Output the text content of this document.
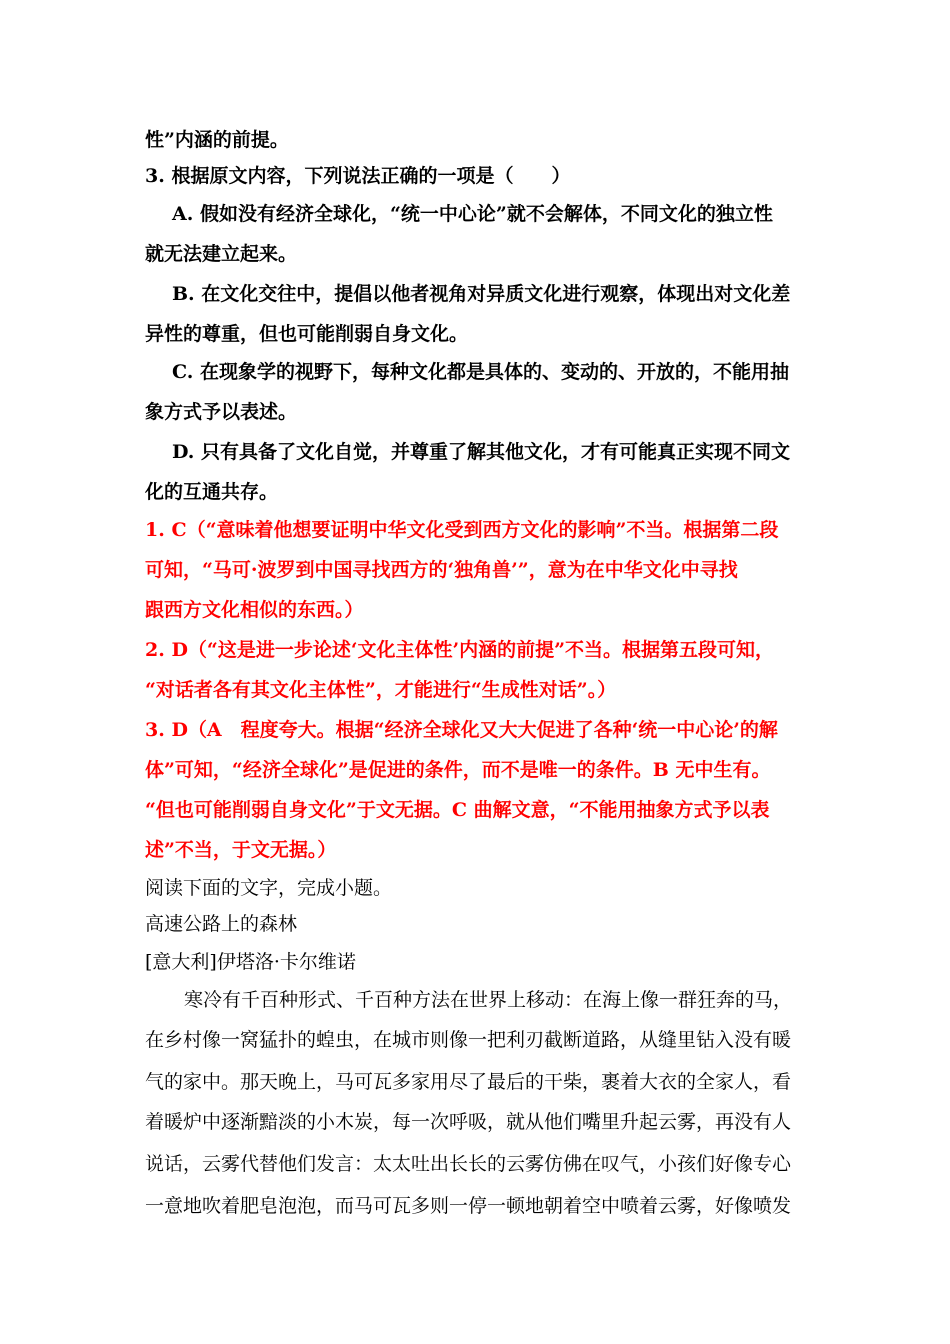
性”内涵的前提。
3. 根据原文内容，下列说法正确的一项是（　　）
A. 假如没有经济全球化，“统一中心论”就不会解体，不同文化的独立性
就无法建立起来。
B. 在文化交往中，提倡以他者视角对异质文化进行观察，体现出对文化差
异性的尊重，但也可能削弱自身文化。
C. 在现象学的视野下，每种文化都是具体的、变动的、开放的，不能用抽
象方式予以表述。
D. 只有具备了文化自觉，并尊重了解其他文化，才有可能真正实现不同文
化的互通共存。
1. C（“意味着他想要证明中华文化受到西方文化的影响”不当。根据第二段
可知，“马可·波罗到中国寻找西方的‘独角兽’”，意为在中华文化中寻找
跟西方文化相似的东西。）
2. D（“这是进一步论述‘文化主体性’内涵的前提”不当。根据第五段可知，
“对话者各有其文化主体性”，才能进行“生成性对话”。）
3. D（A　程度夸大。根据“经济全球化又大大促进了各种‘统一中心论’的解
体”可知，“经济全球化”是促进的条件，而不是唯一的条件。B 无中生有。
“但也可能削弱自身文化”于文无据。C 曲解文意，“不能用抽象方式予以表
述”不当，于文无据。）
阅读下面的文字，完成小题。
高速公路上的森林
[意大利]伊塔洛·卡尔维诺
寒冷有千百种形式、千百种方法在世界上移动：在海上像一群狂奔的马，
在乡村像一窝猛扑的蝗虫，在城市则像一把利刃截断道路，从缝里钻入没有暖
气的家中。那天晚上，马可瓦多家用尽了最后的干柴，裹着大衣的全家人，看
着暖炉中逐渐黯淡的小木炭，每一次呼吸，就从他们嘴里升起云雾，再没有人
说话，云雾代替他们发言：太太吐出长长的云雾仿佛在叹气，小孩们好像专心
一意地吹着肥皂泡泡，而马可瓦多则一停一顿地朝着空中喷着云雾，好像喷发
